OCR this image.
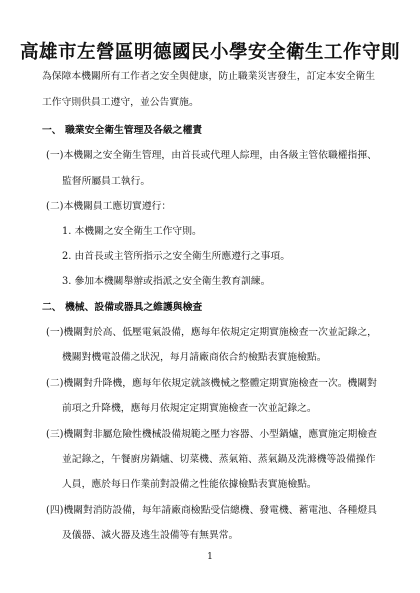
高雄市左營區明德國民小學安全衛生工作守則
為保障本機關所有工作者之安全與健康，防止職業災害發生，訂定本安全衛生
工作守則供員工遵守，並公告實施。
一、 職業安全衛生管理及各級之權責
(一)本機關之安全衛生管理，由首長或代理人綜理，由各級主管依職權指揮、
監督所屬員工執行。
(二)本機關員工應切實遵行：
1. 本機關之安全衛生工作守則。
2. 由首長或主管所指示之安全衛生所應遵行之事項。
3. 參加本機關舉辦或指派之安全衛生教育訓練。
二、 機械、設備或器具之維護與檢查
(一)機關對於高、低壓電氣設備，應每年依規定定期實施檢查一次並記錄之，
機關對機電設備之狀況，每月請廠商依合約檢點表實施檢點。
(二)機關對升降機，應每年依規定就該機械之整體定期實施檢查一次。機關對
前項之升降機，應每月依規定定期實施檢查一次並記錄之。
(三)機關對非屬危險性機械設備規範之壓力容器、小型鍋爐，應實施定期檢查
並記錄之，午餐廚房鍋爐、切菜機、蒸氣箱、蒸氣鍋及洗滌機等設備操作
人員，應於每日作業前對設備之性能依據檢點表實施檢點。
(四)機關對消防設備，每年請廠商檢點受信總機、發電機、蓄電池、各種燈具
及儀器、滅火器及逃生設備等有無異常。
1
